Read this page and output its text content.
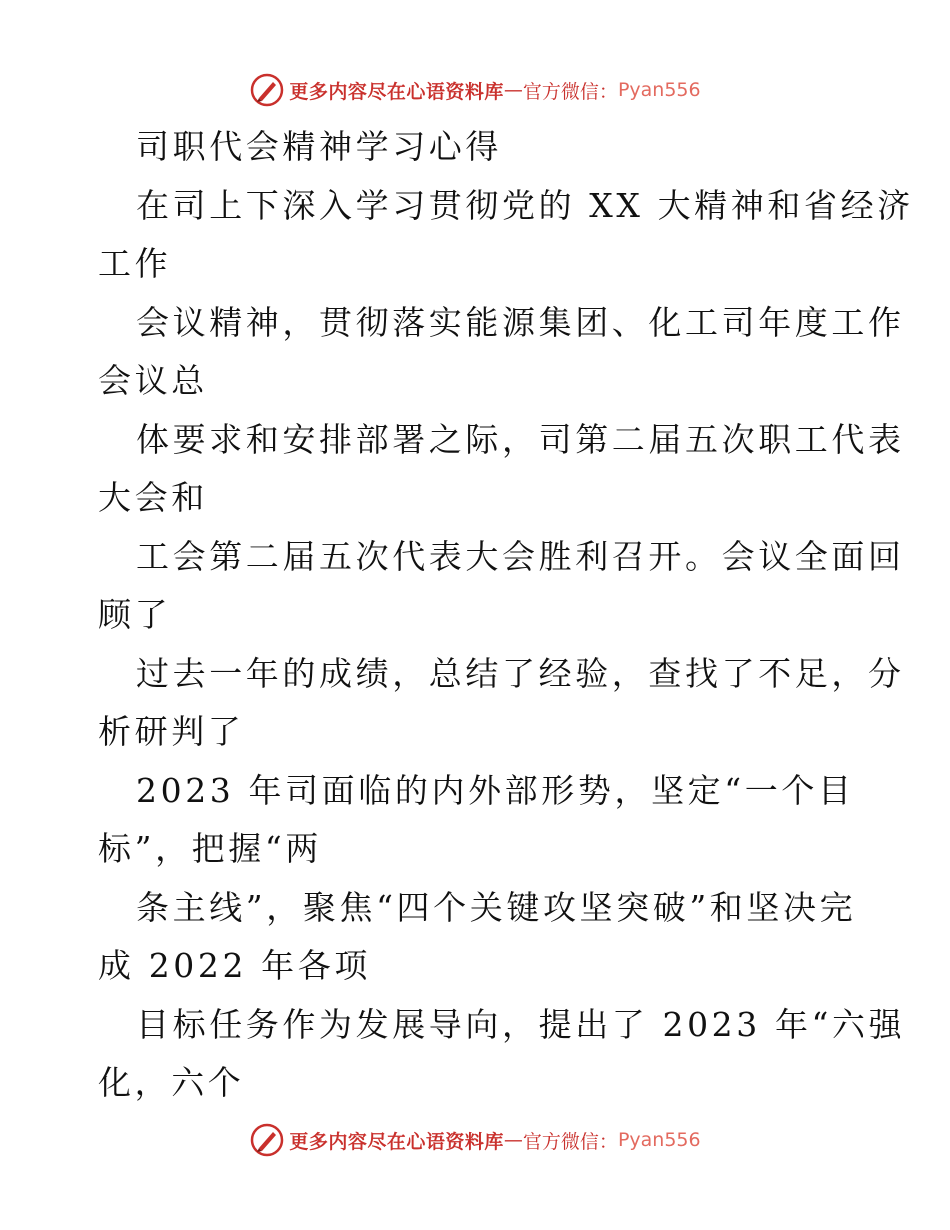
更多内容尽在心语资料库 — 官方微信： Pyan556
司职代会精神学习心得
在司上下深入学习贯彻党的 XX 大精神和省经济
工作
会议精神，贯彻落实能源集团、化工司年度工作
会议总
体要求和安排部署之际，司第二届五次职工代表
大会和
工会第二届五次代表大会胜利召开。会议全面回
顾了
过去一年的成绩，总结了经验，查找了不足，分
析研判了
2023 年司面临的内外部形势，坚定“一个目
标”，把握“两
条主线”，聚焦“四个关键攻坚突破”和坚决完
成 2022 年各项
目标任务作为发展导向，提出了 2023 年“六强
化，六个
更多内容尽在心语资料库 — 官方微信： Pyan556
